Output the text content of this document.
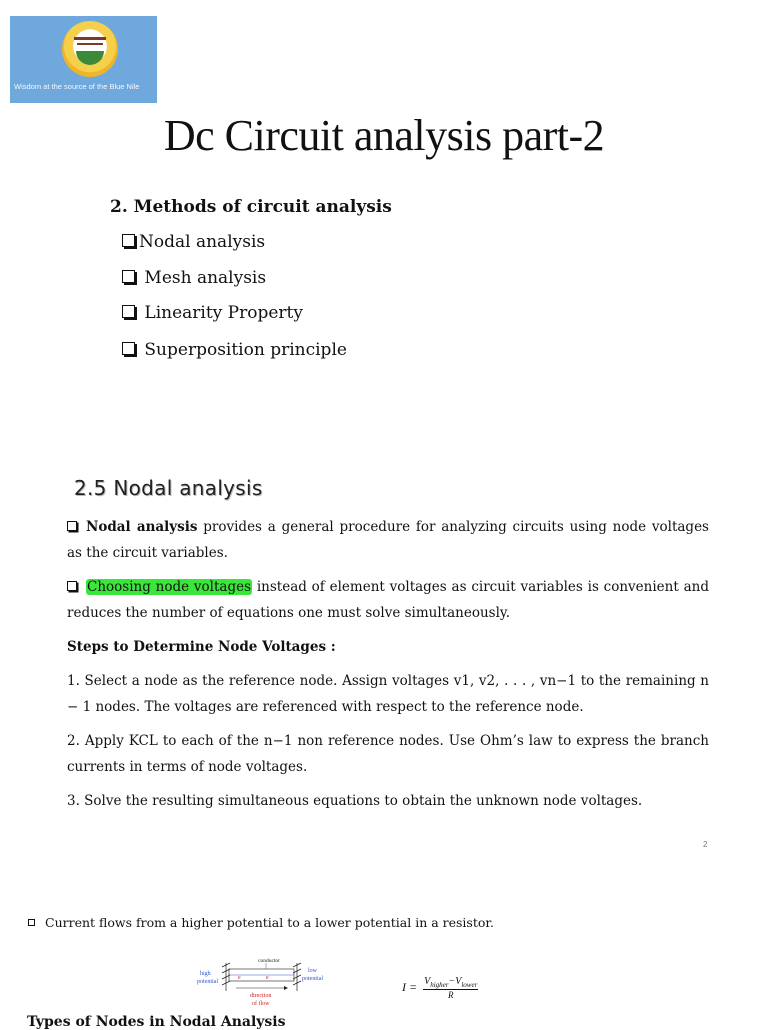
Wisdom at the source of the Blue Nile
Dc Circuit analysis part-2
2. Methods of circuit analysis
Nodal analysis
Mesh analysis
Linearity Property
Superposition principle
2.5 Nodal analysis
Nodal analysis provides a general procedure for analyzing circuits using node voltages as the circuit variables.
Choosing node voltages instead of element voltages as circuit variables is convenient and reduces the number of equations one must solve simultaneously.
Steps to Determine Node Voltages :
1. Select a node as the reference node. Assign voltages v1, v2, . . . , vn−1 to the remaining n − 1 nodes. The voltages are referenced with respect to the reference node.
2. Apply KCL to each of the n−1 non reference nodes. Use Ohm’s law to express the branch currents in terms of node voltages.
3. Solve the resulting simultaneous equations to obtain the unknown node voltages.
2
Current flows from a higher potential to a lower potential in a resistor.
conductor
high
potential
low
potential
e	e
direction
of flow
$I = \frac{V_{higher}-V_{lower}}{R}$
Types of Nodes in Nodal Analysis
